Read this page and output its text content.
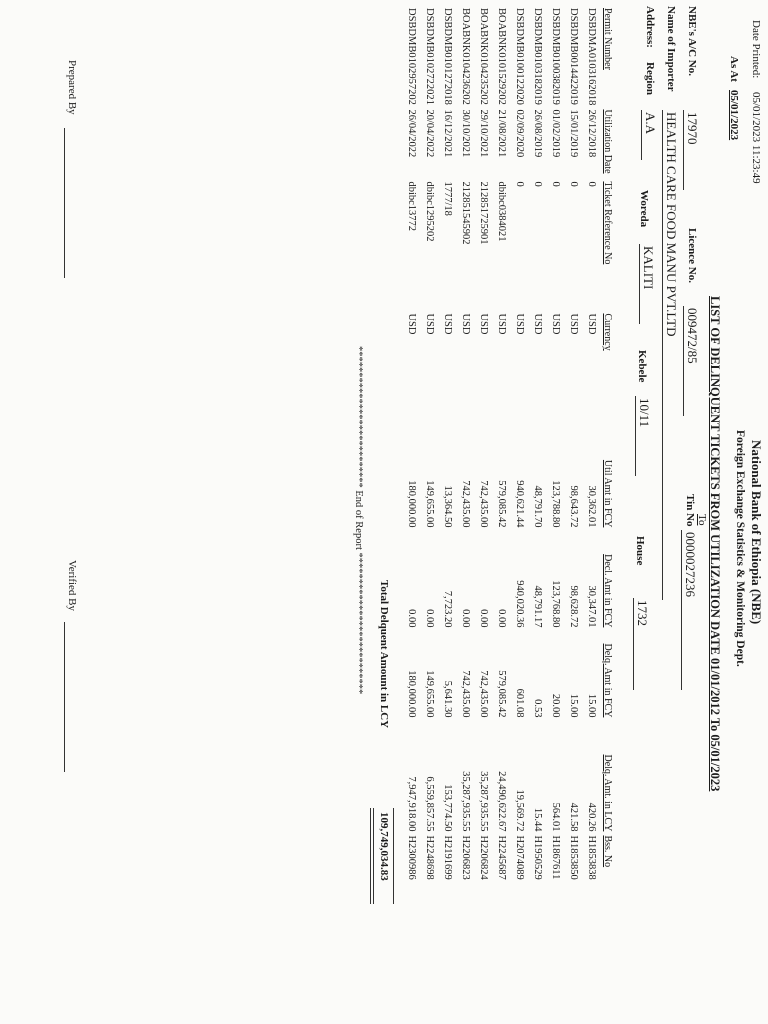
Date Printed:
05/01/2023 11:23:49
National Bank of Ethiopia (NBE)
Foreign Exchange Statistics & Monitoring Dept.
As At
05/01/2023
LIST OF DELINQUENT TICKETS FROM UTILIZATION DATE 01/01/2012 To 05/01/2023
To
NBE's A/C No.
17970
Licence No.
009472/85
Tin No
0000027236
Name of Importer
HEALTH CARE FOOD MANU PVT.LTD
Address:
Region
A.A
Woreda
KALITI
Kebele
10/11
House
1732
Permit Number	Utilization Date	Ticket Reference No	Currency	Util Amt in FCY	Decl. Amt in FCY	Delq. Amt in FCY	Delq. Amt. in LCY	Bss. No
DSBDMA0103162018	26/12/2018	0	USD	30,362.01	30,347.01	15.00	420.26	H1853838
DSBDMB0014422019	15/01/2019	0	USD	98,643.72	98,628.72	15.00	421.58	H1853850
DSBDMB0100382019	01/02/2019	0	USD	123,788.80	123,768.80	20.00	564.01	H1867611
DSBDMB0103182019	26/08/2019	0	USD	48,791.70	48,791.17	0.53	15.44	H1950529
DSBDMB0100122020	02/09/2020	0	USD	940,621.44	940,020.36	601.08	19,569.72	H2074089
BOABNK0101529202	21/08/2021	dbibc0384021	USD	579,085.42	0.00	579,085.42	24,490,622.67	H2245687
BOABNK0104235202	29/10/2021	212851725901	USD	742,435.00	0.00	742,435.00	35,287,935.55	H2206824
BOABNK0104236202	30/10/2021	212851545902	USD	742,435.00	0.00	742,435.00	35,287,935.55	H2206823
DSBDMB0101272018	16/12/2021	1777/18	USD	13,364.50	7,723.20	5,641.30	153,774.50	H2191699
DSBDMB0102722021	20/04/2022	dbibc1295202	USD	149,655.00	0.00	149,655.00	6,559,857.55	H2248698
DSBDMB0102957202	26/04/2022	dbibc13772	USD	180,000.00	0.00	180,000.00	7,947,918.00	H2300986
Total Delquent Amount in LCY
109,749,034.83
*************************** End of Report ***************************
Prepared By
Verified By
